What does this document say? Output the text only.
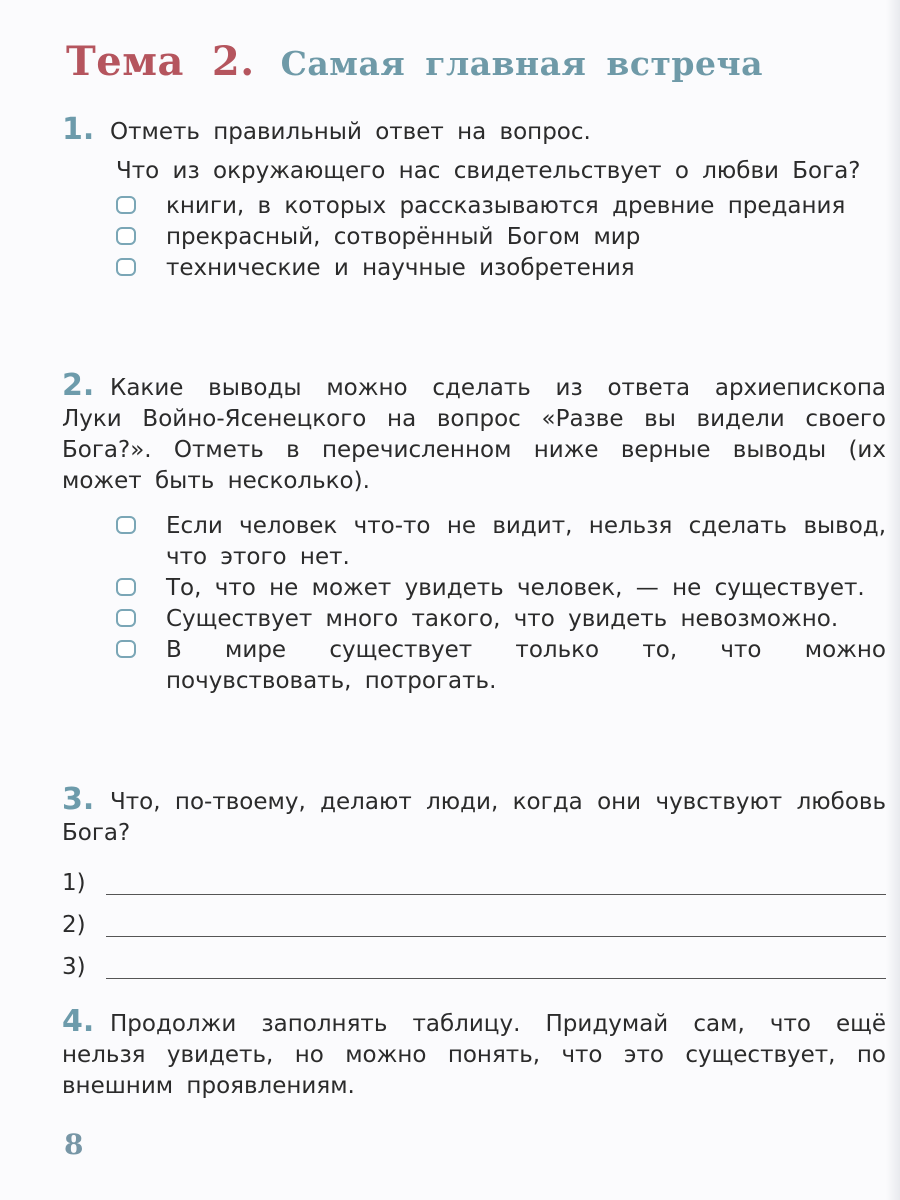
Тема 2. Самая главная встреча
1. Отметь правильный ответ на вопрос.
Что из окружающего нас свидетельствует о любви Бога?
книги, в которых рассказываются древние предания
прекрасный, сотворённый Богом мир
технические и научные изобретения
2. Какие выводы можно сделать из ответа архиепископа Луки Войно-Ясенецкого на вопрос «Разве вы видели своего Бога?». Отметь в перечисленном ниже верные выводы (их может быть несколько).
Если человек что-то не видит, нельзя сделать вывод, что этого нет.
То, что не может увидеть человек, — не существует.
Существует много такого, что увидеть невозможно.
В мире существует только то, что можно почувствовать, потрогать.
3. Что, по-твоему, делают люди, когда они чувствуют любовь Бога?
1)
2)
3)
4. Продолжи заполнять таблицу. Придумай сам, что ещё нельзя увидеть, но можно понять, что это существует, по внешним проявлениям.
8
